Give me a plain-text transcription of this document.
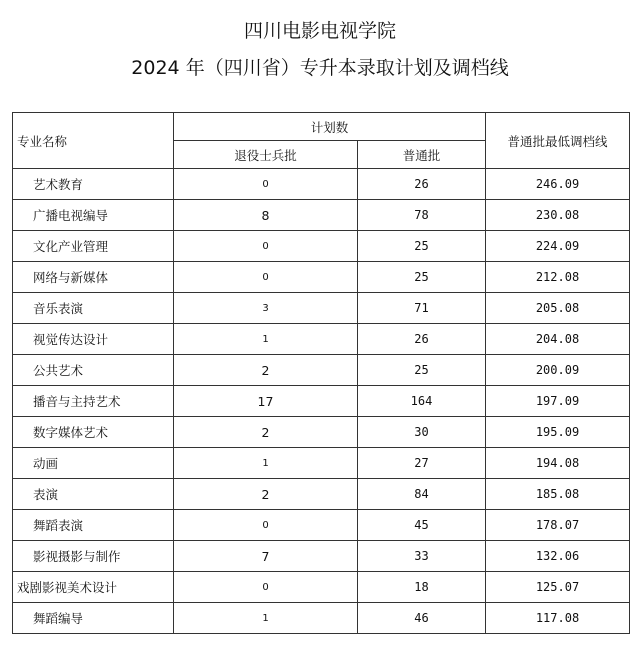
四川电影电视学院
2024 年（四川省）专升本录取计划及调档线
专业名称	计划数		普通批最低调档线
	退役士兵批	普通批	
艺术教育	0	26	246.09
广播电视编导	8	78	230.08
文化产业管理	0	25	224.09
网络与新媒体	0	25	212.08
音乐表演	3	71	205.08
视觉传达设计	1	26	204.08
公共艺术	2	25	200.09
播音与主持艺术	17	164	197.09
数字媒体艺术	2	30	195.09
动画	1	27	194.08
表演	2	84	185.08
舞蹈表演	0	45	178.07
影视摄影与制作	7	33	132.06
戏剧影视美术设计	0	18	125.07
舞蹈编导	1	46	117.08
